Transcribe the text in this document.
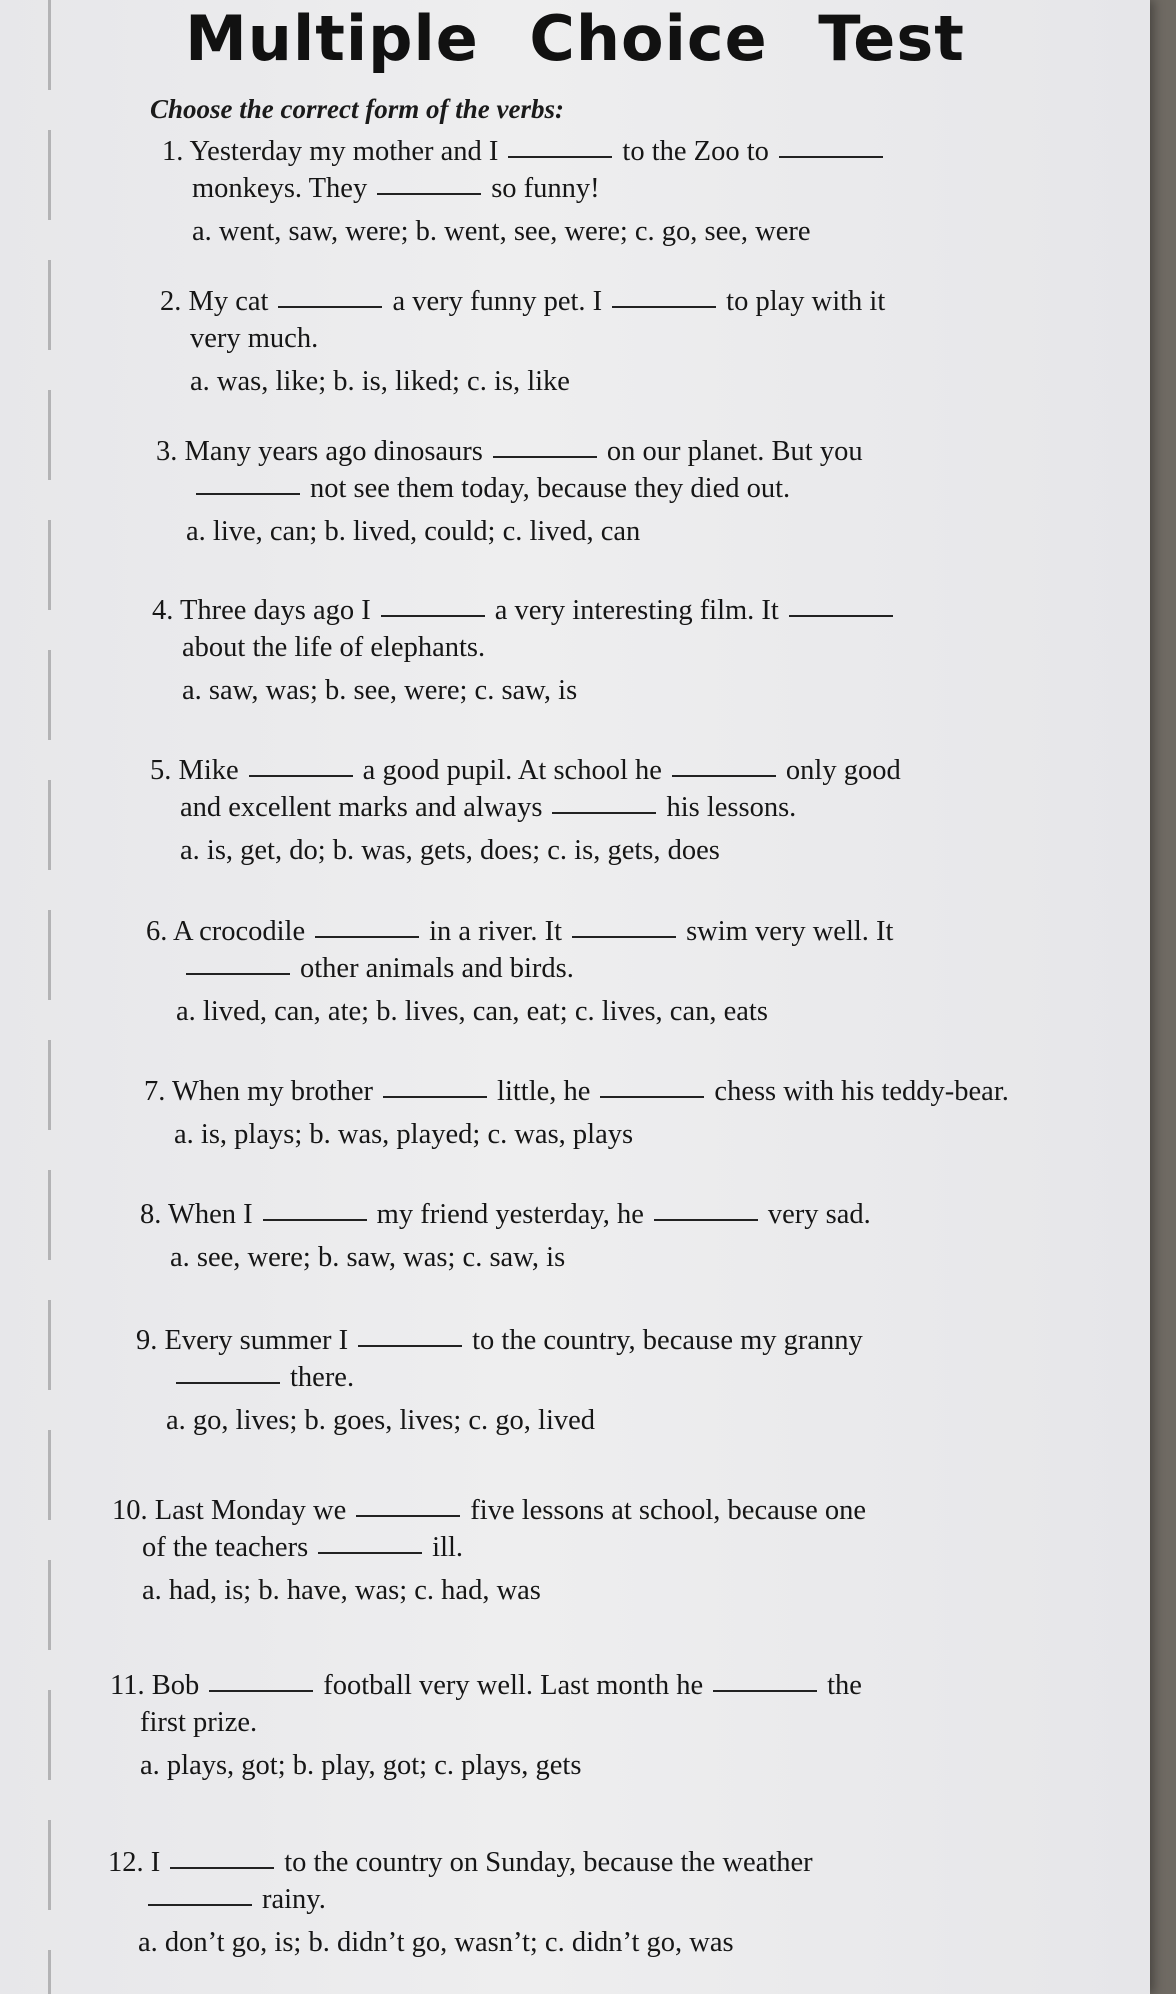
Multiple Choice Test
Choose the correct form of the verbs:
1. Yesterday my mother and I	to the Zoo to
monkeys. They	so funny!
a. went, saw, were; b. went, see, were; c. go, see, were
2. My cat	a very funny pet. I	to play with it
very much.
a. was, like; b. is, liked; c. is, like
3. Many years ago dinosaurs	on our planet. But you
not see them today, because they died out.
a. live, can; b. lived, could; c. lived, can
4. Three days ago I	a very interesting film. It
about the life of elephants.
a. saw, was; b. see, were; c. saw, is
5. Mike	a good pupil. At school he	only good
and excellent marks and always	his lessons.
a. is, get, do; b. was, gets, does; c. is, gets, does
6. A crocodile	in a river. It	swim very well. It
other animals and birds.
a. lived, can, ate; b. lives, can, eat; c. lives, can, eats
7. When my brother	little, he	chess with his teddy-bear.
a. is, plays; b. was, played; c. was, plays
8. When I	my friend yesterday, he	very sad.
a. see, were; b. saw, was; c. saw, is
9. Every summer I	to the country, because my granny
there.
a. go, lives; b. goes, lives; c. go, lived
10. Last Monday we	five lessons at school, because one
of the teachers	ill.
a. had, is; b. have, was; c. had, was
11. Bob	football very well. Last month he	the
first prize.
a. plays, got; b. play, got; c. plays, gets
12. I	to the country on Sunday, because the weather
rainy.
a. don’t go, is; b. didn’t go, wasn’t; c. didn’t go, was
